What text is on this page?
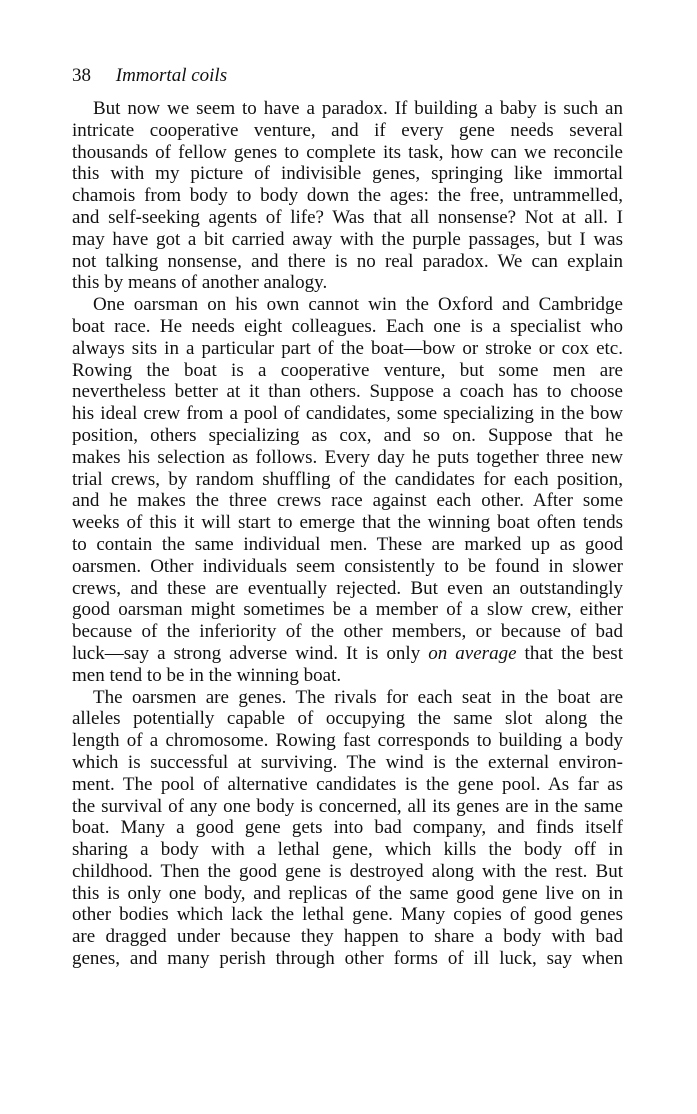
38 Immortal coils
But now we seem to have a paradox. If building a baby is such an
intricate cooperative venture, and if every gene needs several
thousands of fellow genes to complete its task, how can we reconcile
this with my picture of indivisible genes, springing like immortal
chamois from body to body down the ages: the free, untrammelled,
and self-seeking agents of life? Was that all nonsense? Not at all. I
may have got a bit carried away with the purple passages, but I was
not talking nonsense, and there is no real paradox. We can explain
this by means of another analogy.
One oarsman on his own cannot win the Oxford and Cambridge
boat race. He needs eight colleagues. Each one is a specialist who
always sits in a particular part of the boat—bow or stroke or cox etc.
Rowing the boat is a cooperative venture, but some men are
nevertheless better at it than others. Suppose a coach has to choose
his ideal crew from a pool of candidates, some specializing in the bow
position, others specializing as cox, and so on. Suppose that he
makes his selection as follows. Every day he puts together three new
trial crews, by random shuffling of the candidates for each position,
and he makes the three crews race against each other. After some
weeks of this it will start to emerge that the winning boat often tends
to contain the same individual men. These are marked up as good
oarsmen. Other individuals seem consistently to be found in slower
crews, and these are eventually rejected. But even an outstandingly
good oarsman might sometimes be a member of a slow crew, either
because of the inferiority of the other members, or because of bad
luck—say a strong adverse wind. It is only on average that the best
men tend to be in the winning boat.
The oarsmen are genes. The rivals for each seat in the boat are
alleles potentially capable of occupying the same slot along the
length of a chromosome. Rowing fast corresponds to building a body
which is successful at surviving. The wind is the external environ-
ment. The pool of alternative candidates is the gene pool. As far as
the survival of any one body is concerned, all its genes are in the same
boat. Many a good gene gets into bad company, and finds itself
sharing a body with a lethal gene, which kills the body off in
childhood. Then the good gene is destroyed along with the rest. But
this is only one body, and replicas of the same good gene live on in
other bodies which lack the lethal gene. Many copies of good genes
are dragged under because they happen to share a body with bad
genes, and many perish through other forms of ill luck, say when
